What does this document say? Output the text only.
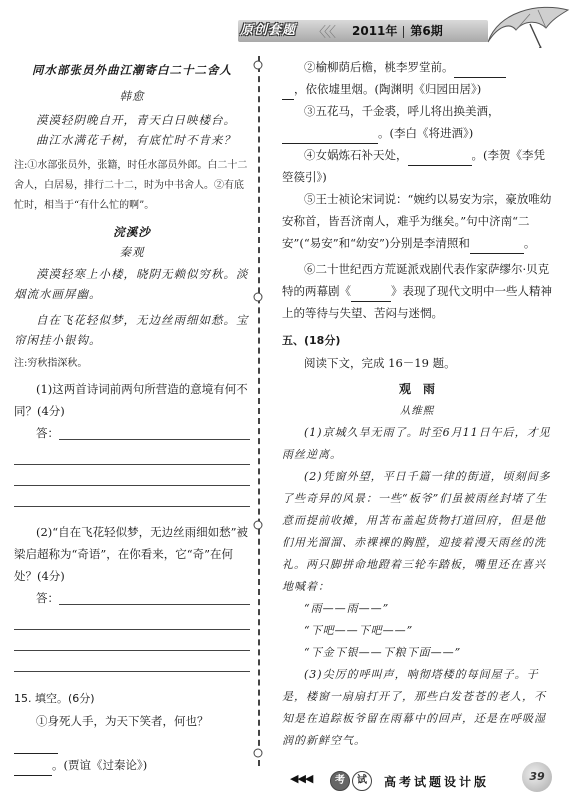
原创套题 〈〈〈 2011年 第6期

同水部张员外曲江潮寄白二十二舍人

韩愈

漠漠轻阴晚自开，青天白日映楼台。

曲江水满花千树，有底忙时不肯来？

注:①水部张员外，张籍，时任水部员外郎。白二十二舍人，白居易，排行二十二，时为中书舍人。②有底忙时，相当于“有什么忙的啊”。

浣溪沙

秦观

漠漠轻寒上小楼，晓阴无赖似穷秋。淡烟流水画屏幽。

自在飞花轻似梦，无边丝雨细如愁。宝帘闲挂小银钩。

注:穷秋指深秋。

(1)这两首诗词前两句所营造的意境有何不同？(4分)

答：

(2)“自在飞花轻似梦，无边丝雨细如愁”被梁启超称为“奇语”，在你看来，它“奇”在何处？(4分)

答：

15. 填空。(6分)

①身死人手，为天下笑者，何也？

。(贾谊《过秦论》)

②榆柳荫后檐，桃李罗堂前。

，依依墟里烟。(陶渊明《归园田居》)

③五花马，千金裘，呼儿将出换美酒，

。(李白《将进酒》)

④女娲炼石补天处，	。(李贺《李凭箜篌引》)

⑤王士祯论宋词说：“婉约以易安为宗，豪放唯幼安称首，皆吾济南人，难乎为继矣。”句中济南“二安”(“易安”和“幼安”)分别是李清照和	。

⑥二十世纪西方荒诞派戏剧代表作家萨缪尔·贝克特的两幕剧《	》表现了现代文明中一些人精神上的等待与失望、苦闷与迷惘。

五、(18分)

阅读下文，完成 16－19 题。

观　雨

从维熙

(1)京城久旱无雨了。时至6月11日午后，才见雨丝逆离。

(2)凭窗外望，平日千篇一律的街道，顷刻间多了些奇异的风景：一些“板爷”们虽被雨丝封堵了生意而提前收摊，用苫布盖起货物打道回府，但是他们用光溜溜、赤裸裸的胸膛，迎接着漫天雨丝的洗礼。两只脚拼命地蹬着三轮车踏板，嘴里还在喜兴地喊着：

“雨——雨——”

“下吧——下吧——”

“下金下银——下粮下面——”

(3)尖厉的呼叫声，响彻塔楼的每间屋子。于是，楼窗一扇扇打开了，那些白发苍苍的老人，不知是在追踪板爷留在雨幕中的回声，还是在呼吸湿润的新鲜空气。

◀◀◀	考	试	高考试题设计版	39
